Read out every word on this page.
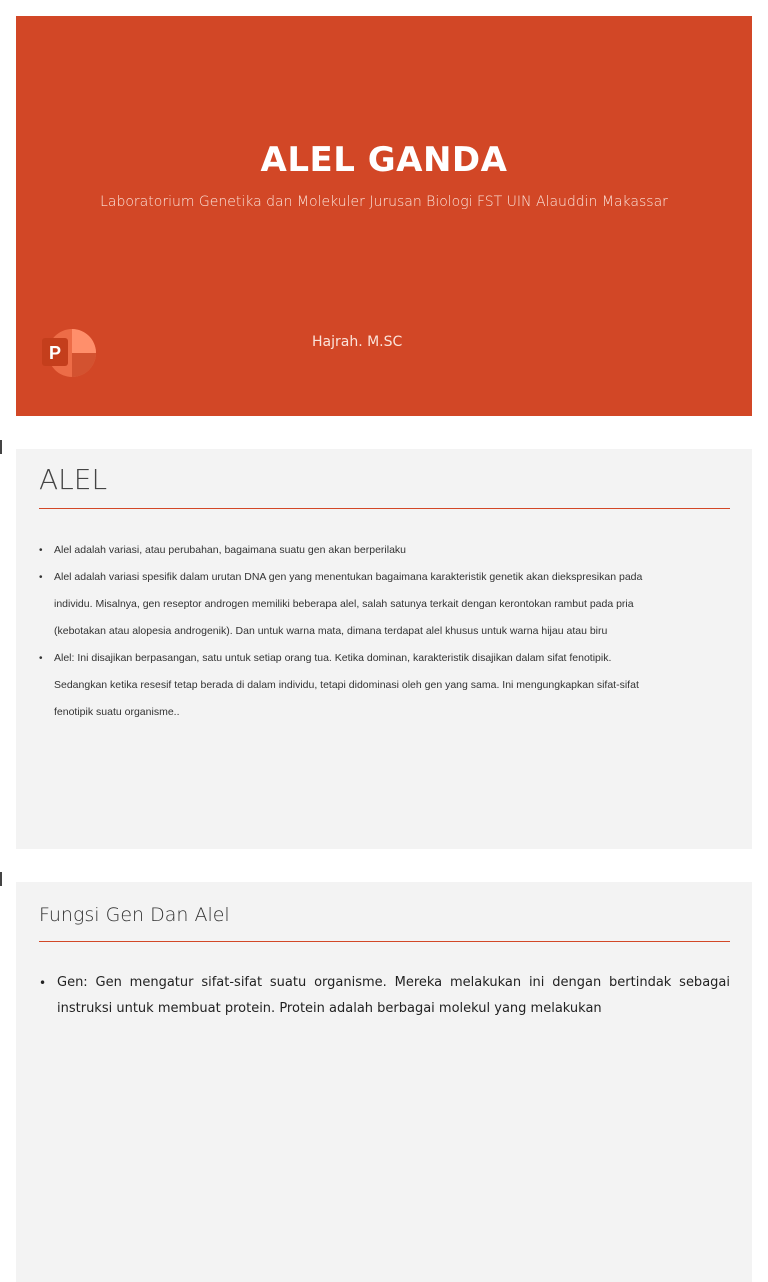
ALEL GANDA
Laboratorium Genetika dan Molekuler Jurusan Biologi FST UIN Alauddin Makassar
Hajrah. M.SC
P
ALEL
• Alel adalah variasi, atau perubahan, bagaimana suatu gen akan berperilaku
• Alel adalah variasi spesifik dalam urutan DNA gen yang menentukan bagaimana karakteristik genetik akan diekspresikan pada individu. Misalnya, gen reseptor androgen memiliki beberapa alel, salah satunya terkait dengan kerontokan rambut pada pria (kebotakan atau alopesia androgenik). Dan untuk warna mata, dimana terdapat alel khusus untuk warna hijau atau biru
• Alel: Ini disajikan berpasangan, satu untuk setiap orang tua. Ketika dominan, karakteristik disajikan dalam sifat fenotipik. Sedangkan ketika resesif tetap berada di dalam individu, tetapi didominasi oleh gen yang sama. Ini mengungkapkan sifat-sifat fenotipik suatu organisme..
Fungsi Gen Dan Alel
• Gen: Gen mengatur sifat-sifat suatu organisme. Mereka melakukan ini dengan bertindak sebagai instruksi untuk membuat protein. Protein adalah berbagai molekul yang melakukan
